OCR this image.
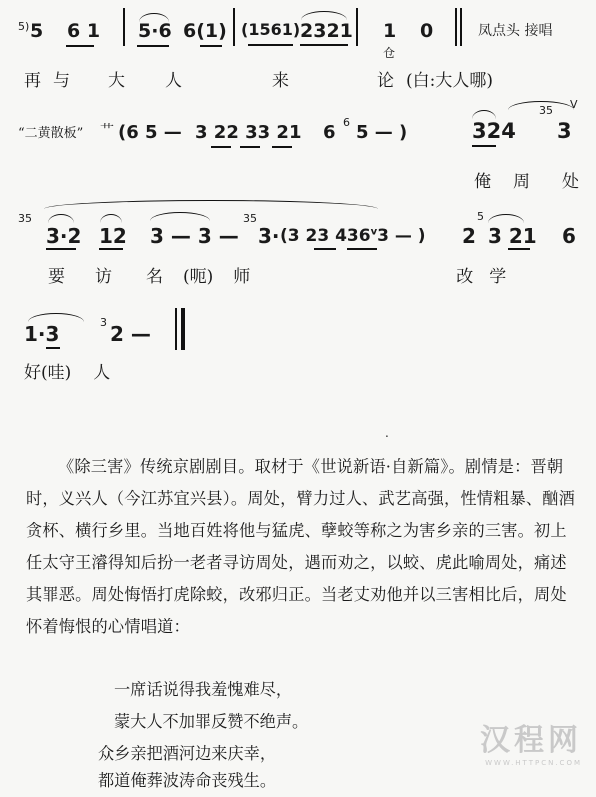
5) 5 6 1 5·6 6(1) (1561) 2321 1 0
仓
凤点头 接唱
再与 大 人	来	论 (白:大人哪)
“二黄散板” 艹 (6 5 — 3 22 33 21 6 6 5 — )	324
35
3
V
俺 周 处
35
3·2 12 3 — 3 —
35
3· (3 23 436$^v$3 — ) 2
5
3 21 6
要 访 名 (呃) 师	改 学
1·3	3 2 —
好(哇) 人
.
《除三害》传统京剧剧目。取材于《世说新语·自新篇》。剧情是：晋朝时，义兴人（今江苏宜兴县）。周处，臂力过人、武艺高强，性情粗暴、酗酒贪杯、横行乡里。当地百姓将他与猛虎、孽蛟等称之为害乡亲的三害。初上任太守王濬得知后扮一老者寻访周处，遇而劝之，以蛟、虎此喻周处，痛述其罪恶。周处悔悟打虎除蛟，改邪归正。当老丈劝他并以三害相比后，周处怀着悔恨的心情唱道：
一席话说得我羞愧难尽，
蒙大人不加罪反赞不绝声。
众乡亲把酒河边来庆幸，
都道俺葬波涛命丧残生。
汉程网
WWW.HTTPCN.COM
